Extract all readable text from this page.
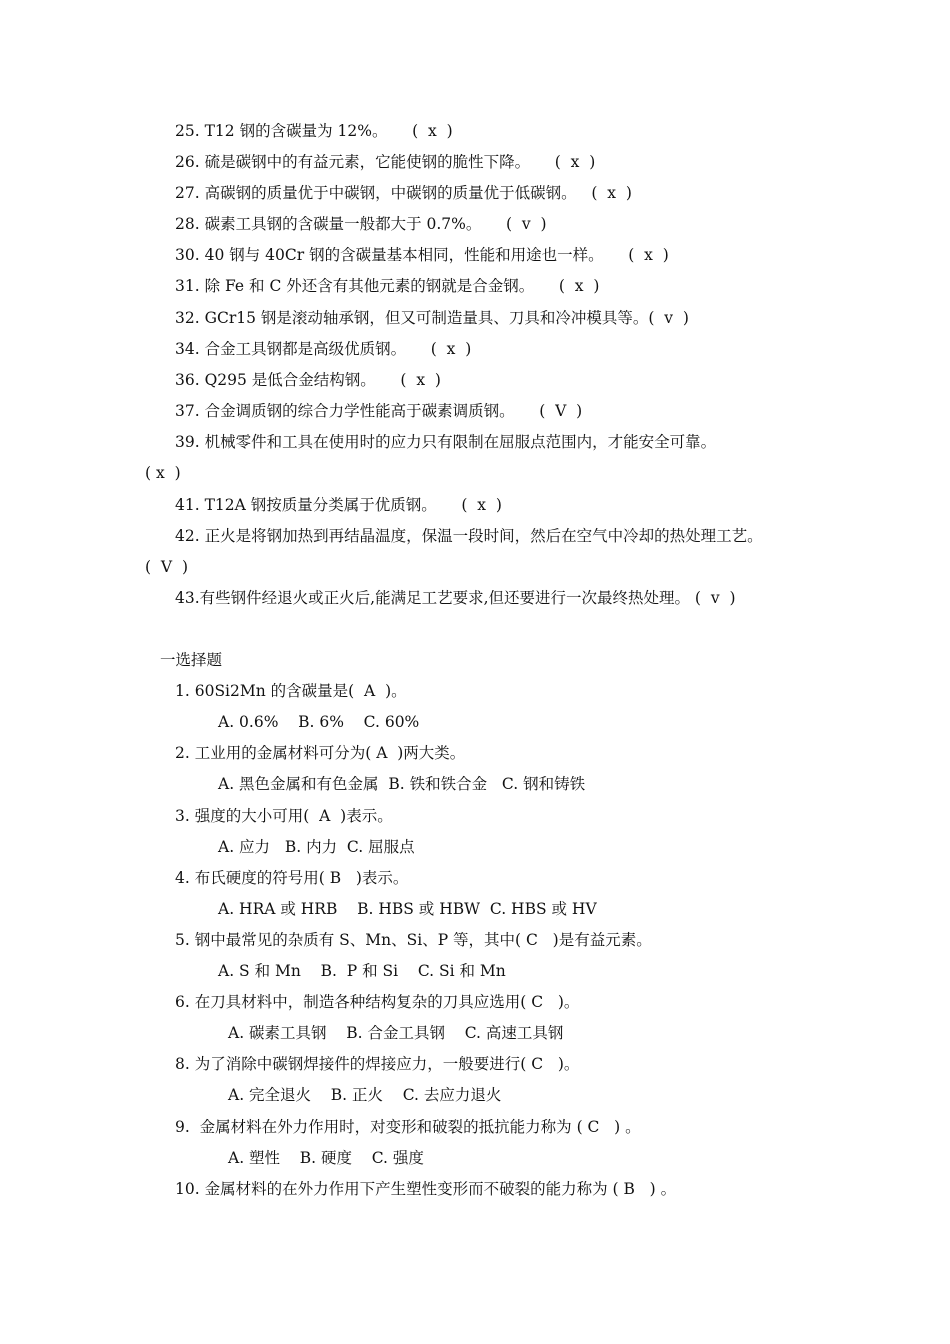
25. T12 钢的含碳量为 12%。     (  x  )
26. 硫是碳钢中的有益元素，它能使钢的脆性下降。     (  x  )
27. 高碳钢的质量优于中碳钢，中碳钢的质量优于低碳钢。   (  x  )
28. 碳素工具钢的含碳量一般都大于 0.7%。     (  v  )
30. 40 钢与 40Cr 钢的含碳量基本相同，性能和用途也一样。     (  x  )
31. 除 Fe 和 C 外还含有其他元素的钢就是合金钢。     (  x  )
32. GCr15 钢是滚动轴承钢，但又可制造量具、刀具和冷冲模具等。(  v  )
34. 合金工具钢都是高级优质钢。     (  x  )
36. Q295 是低合金结构钢。     (  x  )
37. 合金调质钢的综合力学性能高于碳素调质钢。     (  V  )
39. 机械零件和工具在使用时的应力只有限制在屈服点范围内，才能安全可靠。
( x  )
41. T12A 钢按质量分类属于优质钢。     (  x  )
42. 正火是将钢加热到再结晶温度，保温一段时间，然后在空气中冷却的热处理工艺。
(  V  )
43.有些钢件经退火或正火后,能满足工艺要求,但还要进行一次最终热处理。 (  v  )
一选择题
1. 60Si2Mn 的含碳量是(  A  )。
A. 0.6%    B. 6%    C. 60%
2. 工业用的金属材料可分为( A  )两大类。
A. 黑色金属和有色金属  B. 铁和铁合金   C. 钢和铸铁
3. 强度的大小可用(  A  )表示。
A. 应力   B. 内力  C. 屈服点
4. 布氏硬度的符号用( B   )表示。
A. HRA 或 HRB    B. HBS 或 HBW  C. HBS 或 HV
5. 钢中最常见的杂质有 S、Mn、Si、P 等，其中( C   )是有益元素。
A. S 和 Mn    B.  P 和 Si    C. Si 和 Mn
6. 在刀具材料中，制造各种结构复杂的刀具应选用( C   )。
A. 碳素工具钢    B. 合金工具钢    C. 高速工具钢
8. 为了消除中碳钢焊接件的焊接应力，一般要进行( C   )。
A. 完全退火    B. 正火    C. 去应力退火
9.  金属材料在外力作用时，对变形和破裂的抵抗能力称为 ( C   ) 。
A. 塑性    B. 硬度    C. 强度
10. 金属材料的在外力作用下产生塑性变形而不破裂的能力称为 ( B   ) 。
